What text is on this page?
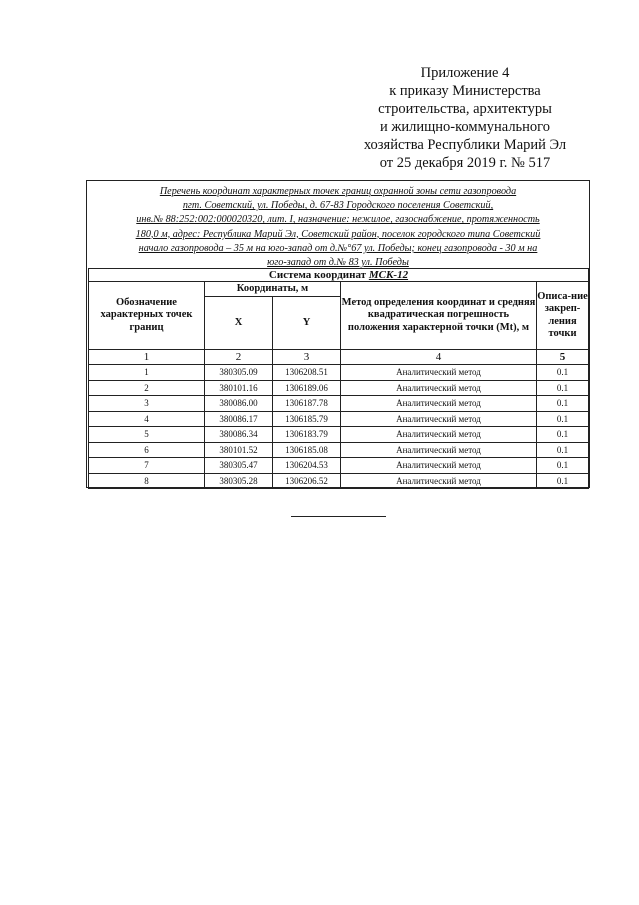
Приложение 4
к приказу Министерства
строительства, архитектуры
и жилищно-коммунального
хозяйства Республики Марий Эл
от 25 декабря 2019 г. № 517
Перечень координат характерных точек границ охранной зоны сети газопровода
пгт. Советский, ул. Победы, д. 67-83 Городского поселения Советский,
инв.№ 88:252:002:000020320, лит. I, назначение: нежилое, газоснабжение, протяженность
180,0 м, адрес: Республика Марий Эл, Советский район, поселок городского типа Советский
начало газопровода – 35 м на юго-запад от д.№°67 ул. Победы; конец газопровода - 30 м на
юго-запад от д.№ 83 ул. Победы
Система координат МСК-12				
Обозначение характерных точек границ	Координаты, м		Метод определения координат и средняя квадратическая погрешность положения характерной точки (Mt), м	Описа-ние закреп-ления точки
	X	Y		
1	2	3	4	5
1	380305.09	1306208.51	Аналитический метод	0.1
2	380101.16	1306189.06	Аналитический метод	0.1
3	380086.00	1306187.78	Аналитический метод	0.1
4	380086.17	1306185.79	Аналитический метод	0.1
5	380086.34	1306183.79	Аналитический метод	0.1
6	380101.52	1306185.08	Аналитический метод	0.1
7	380305.47	1306204.53	Аналитический метод	0.1
8	380305.28	1306206.52	Аналитический метод	0.1
